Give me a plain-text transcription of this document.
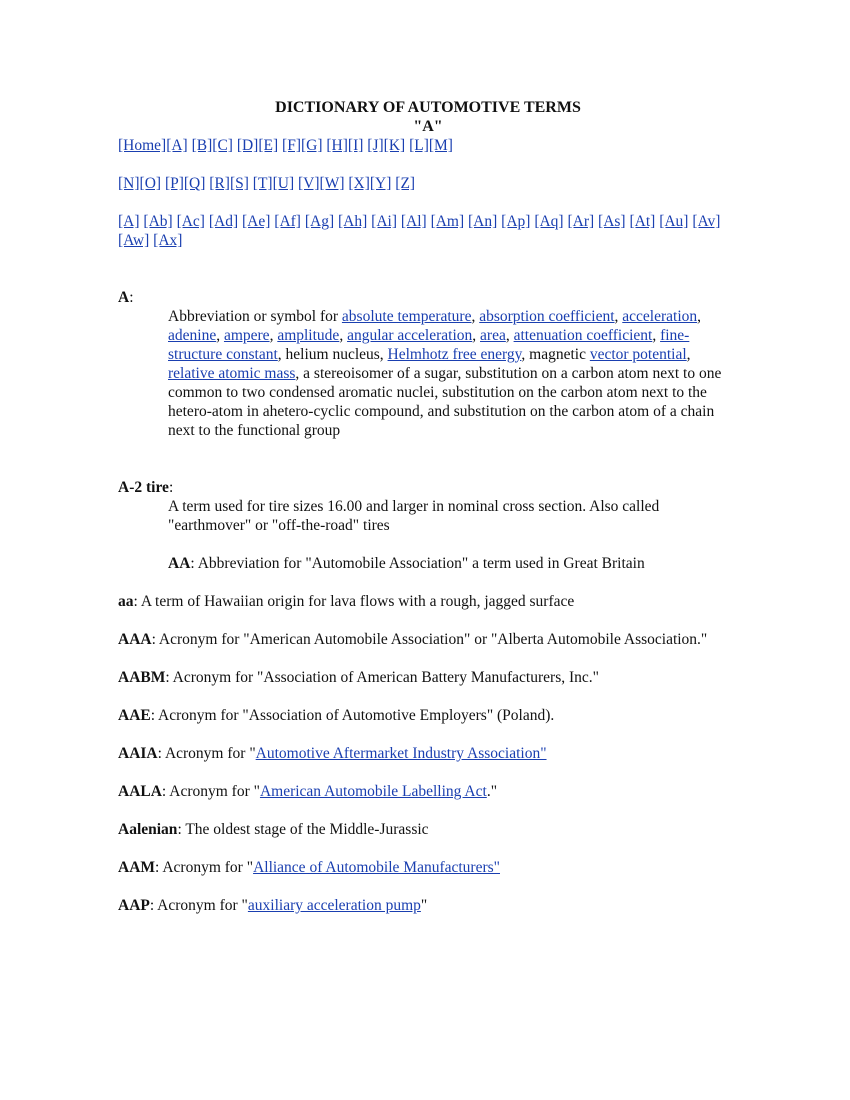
DICTIONARY OF AUTOMOTIVE TERMS
"A"
[Home][A] [B][C] [D][E] [F][G] [H][I] [J][K] [L][M]
[N][O] [P][Q] [R][S] [T][U] [V][W] [X][Y] [Z]
[A] [Ab] [Ac] [Ad] [Ae] [Af] [Ag] [Ah] [Ai] [Al] [Am] [An] [Ap] [Aq] [Ar] [As] [At] [Au] [Av] [Aw] [Ax]
A:
Abbreviation or symbol for absolute temperature, absorption coefficient, acceleration, adenine, ampere, amplitude, angular acceleration, area, attenuation coefficient, fine-structure constant, helium nucleus, Helmhotz free energy, magnetic vector potential, relative atomic mass, a stereoisomer of a sugar, substitution on a carbon atom next to one common to two condensed aromatic nuclei, substitution on the carbon atom next to the hetero-atom in ahetero-cyclic compound, and substitution on the carbon atom of a chain next to the functional group
A-2 tire:

A term used for tire sizes 16.00 and larger in nominal cross section. Also called "earthmover" or "off-the-road" tires

AA: Abbreviation for "Automobile Association" a term used in Great Britain

aa: A term of Hawaiian origin for lava flows with a rough, jagged surface
AAA: Acronym for "American Automobile Association" or "Alberta Automobile Association."
AABM: Acronym for "Association of American Battery Manufacturers, Inc."
AAE: Acronym for "Association of Automotive Employers" (Poland).
AAIA: Acronym for "Automotive Aftermarket Industry Association"
AALA: Acronym for "American Automobile Labelling Act."
Aalenian: The oldest stage of the Middle-Jurassic
AAM: Acronym for "Alliance of Automobile Manufacturers"
AAP: Acronym for "auxiliary acceleration pump"
